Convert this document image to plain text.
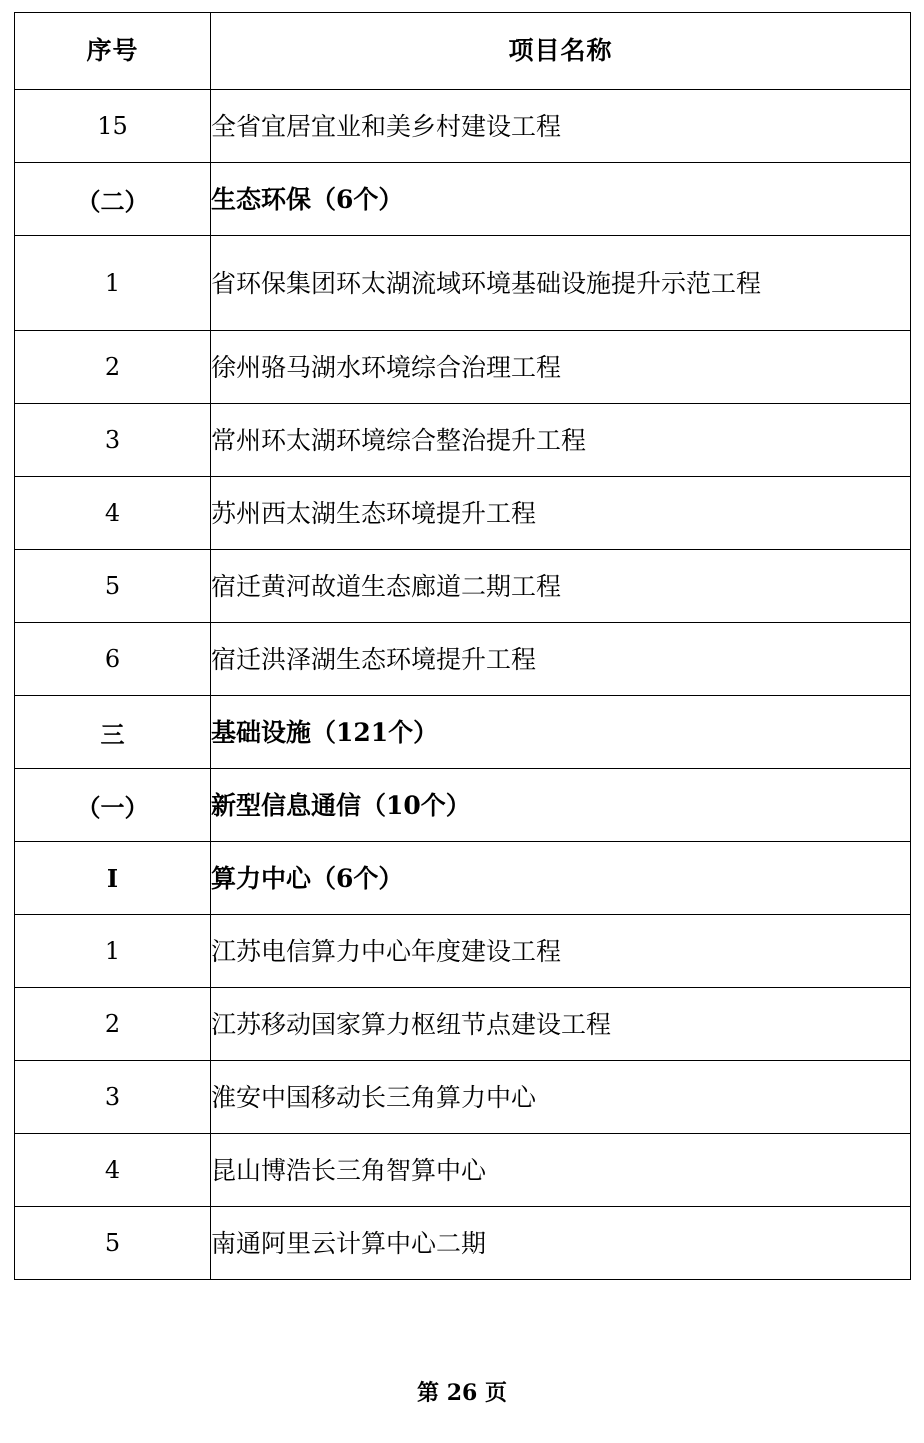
序号	项目名称
15	全省宜居宜业和美乡村建设工程
（二）	生态环保（6个）
1	省环保集团环太湖流域环境基础设施提升示范工程
2	徐州骆马湖水环境综合治理工程
3	常州环太湖环境综合整治提升工程
4	苏州西太湖生态环境提升工程
5	宿迁黄河故道生态廊道二期工程
6	宿迁洪泽湖生态环境提升工程
三	基础设施（121个）
（一）	新型信息通信（10个）
Ⅰ	算力中心（6个）
1	江苏电信算力中心年度建设工程
2	江苏移动国家算力枢纽节点建设工程
3	淮安中国移动长三角算力中心
4	昆山博浩长三角智算中心
5	南通阿里云计算中心二期
第 26 页
